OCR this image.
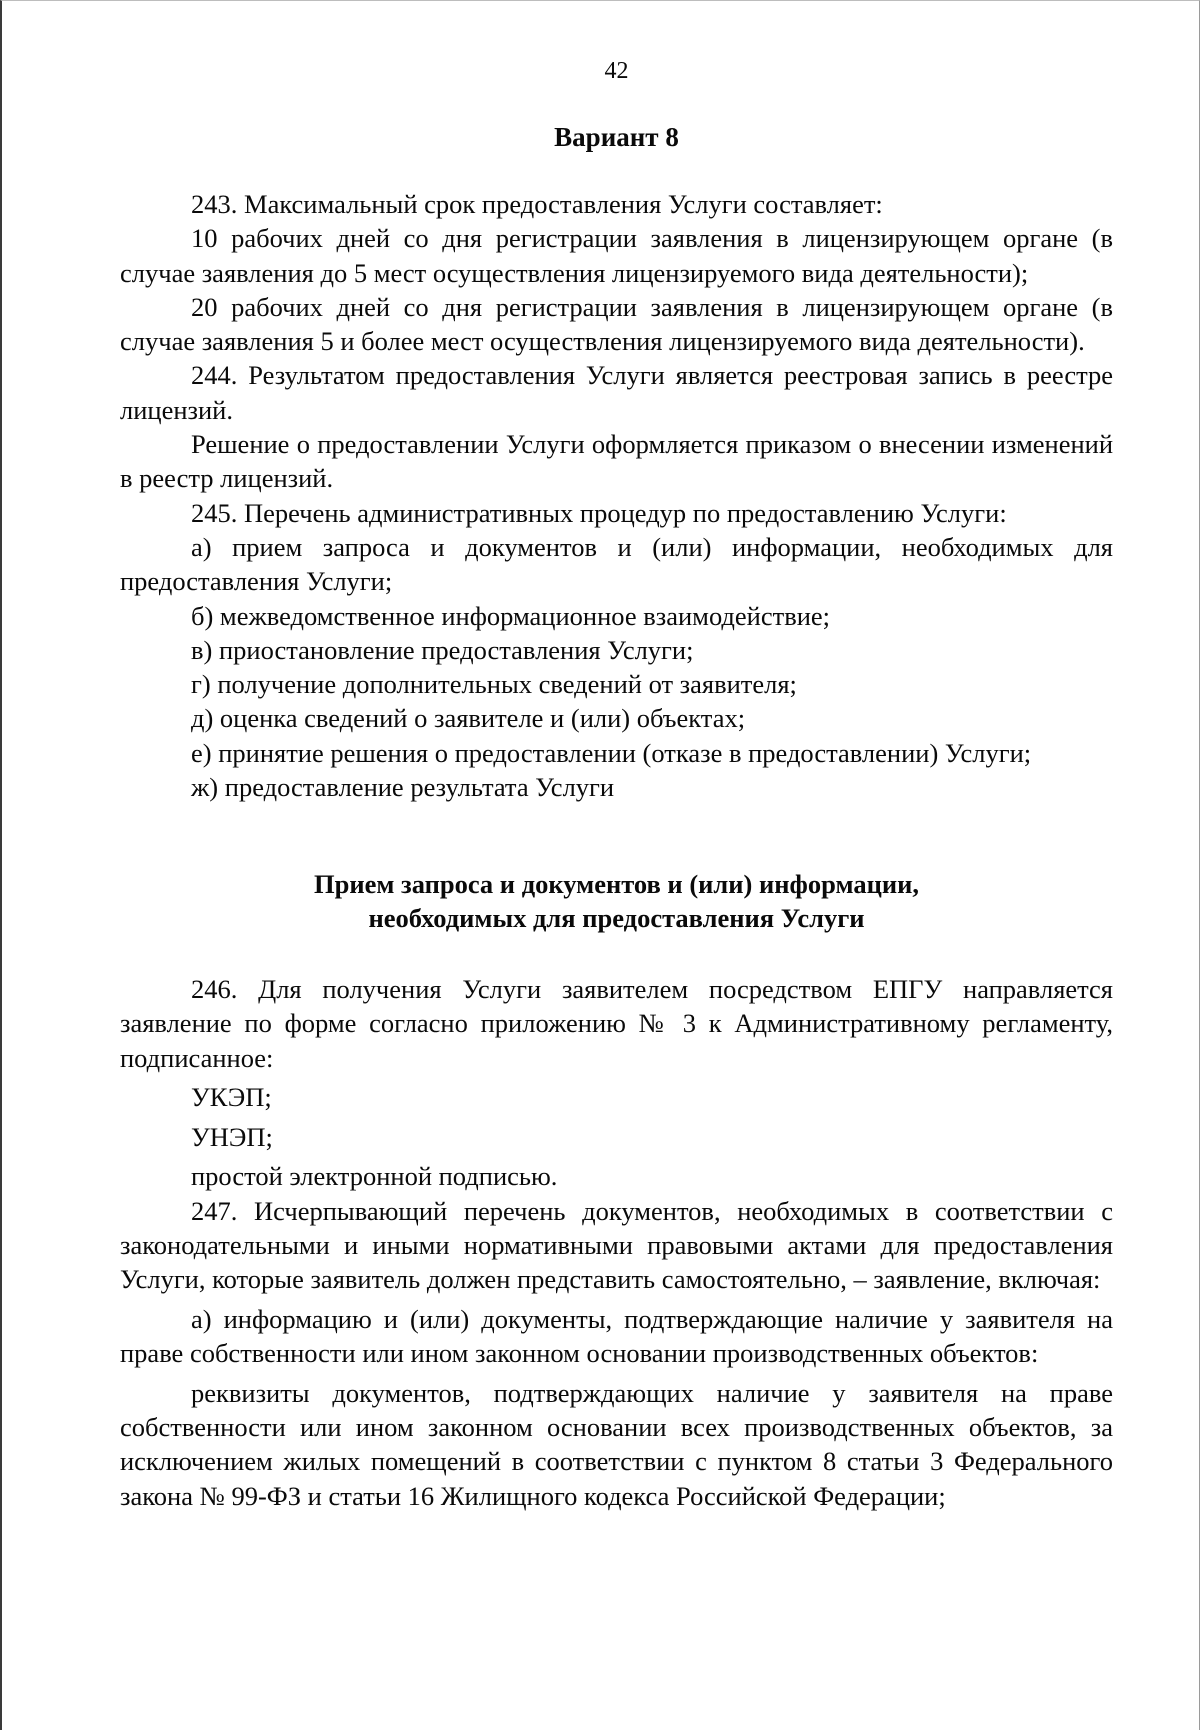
42
Вариант 8

243. Максимальный срок предоставления Услуги составляет:

10 рабочих дней со дня регистрации заявления в лицензирующем органе (в случае заявления до 5 мест осуществления лицензируемого вида деятельности);

20 рабочих дней со дня регистрации заявления в лицензирующем органе (в случае заявления 5 и более мест осуществления лицензируемого вида деятельности).

244. Результатом предоставления Услуги является реестровая запись в реестре лицензий.

Решение о предоставлении Услуги оформляется приказом о внесении изменений в реестр лицензий.

245. Перечень административных процедур по предоставлению Услуги:

а) прием запроса и документов и (или) информации, необходимых для предоставления Услуги;

б) межведомственное информационное взаимодействие;

в) приостановление предоставления Услуги;

г) получение дополнительных сведений от заявителя;

д) оценка сведений о заявителе и (или) объектах;

е) принятие решения о предоставлении (отказе в предоставлении) Услуги;

ж) предоставление результата Услуги

Прием запроса и документов и (или) информации,

необходимых для предоставления Услуги

246. Для получения Услуги заявителем посредством ЕПГУ направляется заявление по форме согласно приложению № 3 к Административному регламенту, подписанное:

УКЭП;

УНЭП;

простой электронной подписью.

247. Исчерпывающий перечень документов, необходимых в соответствии с законодательными и иными нормативными правовыми актами для предоставления Услуги, которые заявитель должен представить самостоятельно, – заявление, включая:

а) информацию и (или) документы, подтверждающие наличие у заявителя на праве собственности или ином законном основании производственных объектов:

реквизиты документов, подтверждающих наличие у заявителя на праве собственности или ином законном основании всех производственных объектов, за исключением жилых помещений в соответствии с пунктом 8 статьи 3 Федерального закона № 99-ФЗ и статьи 16 Жилищного кодекса Российской Федерации;
